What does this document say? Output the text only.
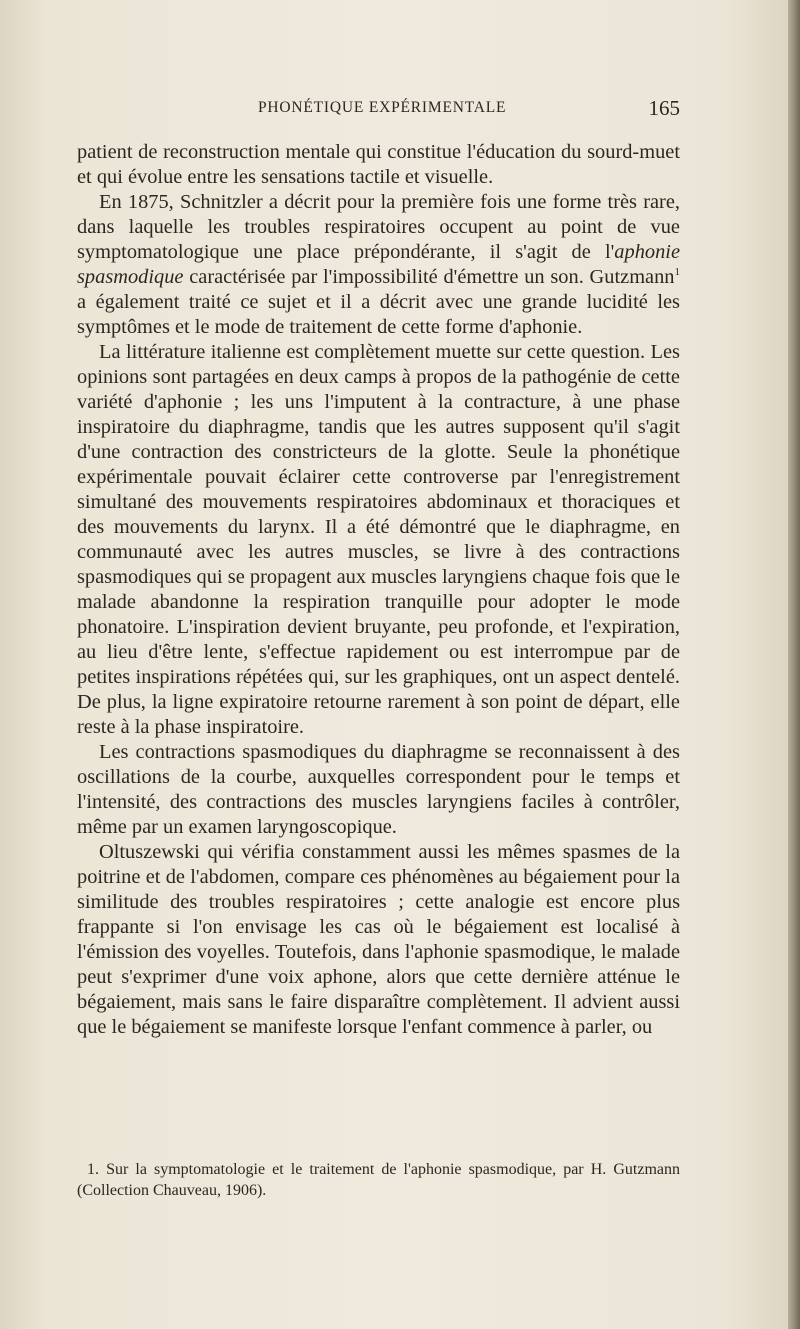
PHONÉTIQUE EXPÉRIMENTALE	165

patient de reconstruction mentale qui constitue l'éducation du sourd-muet et qui évolue entre les sensations tactile et visuelle.

En 1875, Schnitzler a décrit pour la première fois une forme très rare, dans laquelle les troubles respiratoires occupent au point de vue symptomatologique une place prépondérante, il s'agit de l'aphonie spasmodique caractérisée par l'impossibilité d'émettre un son. Gutzmann$^1$ a également traité ce sujet et il a décrit avec une grande lucidité les symptômes et le mode de traitement de cette forme d'aphonie.

La littérature italienne est complètement muette sur cette question. Les opinions sont partagées en deux camps à propos de la pathogénie de cette variété d'aphonie ; les uns l'imputent à la contracture, à une phase inspiratoire du diaphragme, tandis que les autres supposent qu'il s'agit d'une contraction des constricteurs de la glotte. Seule la phonétique expérimentale pouvait éclairer cette controverse par l'enregistrement simultané des mouvements respiratoires abdominaux et thoraciques et des mouvements du larynx. Il a été démontré que le diaphragme, en communauté avec les autres muscles, se livre à des contractions spasmodiques qui se propagent aux muscles laryngiens chaque fois que le malade abandonne la respiration tranquille pour adopter le mode phonatoire. L'inspiration devient bruyante, peu profonde, et l'expiration, au lieu d'être lente, s'effectue rapidement ou est interrompue par de petites inspirations répétées qui, sur les graphiques, ont un aspect dentelé. De plus, la ligne expiratoire retourne rarement à son point de départ, elle reste à la phase inspiratoire.

Les contractions spasmodiques du diaphragme se reconnaissent à des oscillations de la courbe, auxquelles correspondent pour le temps et l'intensité, des contractions des muscles laryngiens faciles à contrôler, même par un examen laryngoscopique.

Oltuszewski qui vérifia constamment aussi les mêmes spasmes de la poitrine et de l'abdomen, compare ces phénomènes au bégaiement pour la similitude des troubles respiratoires ; cette analogie est encore plus frappante si l'on envisage les cas où le bégaiement est localisé à l'émission des voyelles. Toutefois, dans l'aphonie spasmodique, le malade peut s'exprimer d'une voix aphone, alors que cette dernière atténue le bégaiement, mais sans le faire disparaître complètement. Il advient aussi que le bégaiement se manifeste lorsque l'enfant commence à parler, ou

1. Sur la symptomatologie et le traitement de l'aphonie spasmodique, par H. Gutzmann (Collection Chauveau, 1906).
